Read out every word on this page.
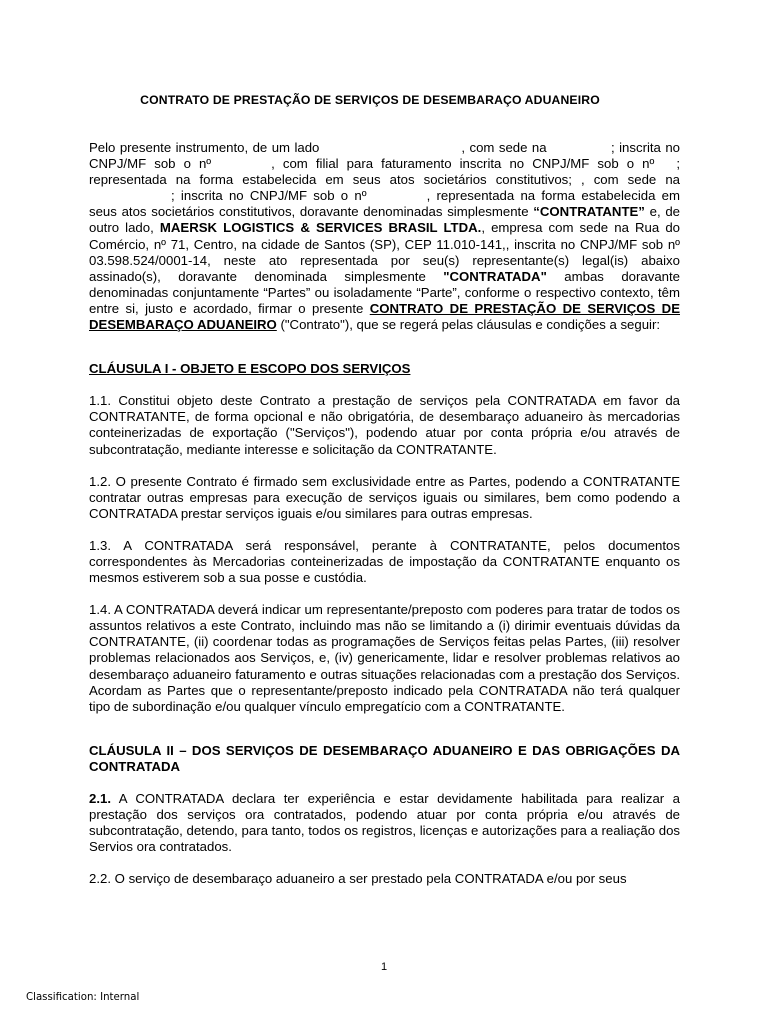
CONTRATO DE PRESTAÇÃO DE SERVIÇOS DE DESEMBARAÇO ADUANEIRO

Pelo presente instrumento, de um lado	, com sede na	; inscrita no CNPJ/MF sob o nº	, com filial para faturamento inscrita no CNPJ/MF sob o nº ; representada na forma estabelecida em seus atos societários constitutivos; , com sede na; inscrita no CNPJ/MF sob o nº	, representada na forma estabelecida em seus atos societários constitutivos, doravante denominadas simplesmente “CONTRATANTE” e, de outro lado, MAERSK LOGISTICS & SERVICES BRASIL LTDA., empresa com sede na Rua do Comércio, nº 71, Centro, na cidade de Santos (SP), CEP 11.010-141,, inscrita no CNPJ/MF sob nº 03.598.524/0001-14, neste ato representada por seu(s) representante(s) legal(is) abaixo assinado(s), doravante denominada simplesmente "CONTRATADA" ambas doravante denominadas conjuntamente “Partes” ou isoladamente “Parte”, conforme o respectivo contexto, têm entre si, justo e acordado, firmar o presente CONTRATO DE PRESTAÇÃO DE SERVIÇOS DE DESEMBARAÇO ADUANEIRO ("Contrato"), que se regerá pelas cláusulas e condições a seguir:

CLÁUSULA I - OBJETO E ESCOPO DOS SERVIÇOS

1.1. Constitui objeto deste Contrato a prestação de serviços pela CONTRATADA em favor da CONTRATANTE, de forma opcional e não obrigatória, de desembaraço aduaneiro às mercadorias conteinerizadas de exportação ("Serviços"), podendo atuar por conta própria e/ou através de subcontratação, mediante interesse e solicitação da CONTRATANTE.

1.2. O presente Contrato é firmado sem exclusividade entre as Partes, podendo a CONTRATANTE contratar outras empresas para execução de serviços iguais ou similares, bem como podendo a CONTRATADA prestar serviços iguais e/ou similares para outras empresas.

1.3. A CONTRATADA será responsável, perante à CONTRATANTE, pelos documentos correspondentes às Mercadorias conteinerizadas de impostação da CONTRATANTE enquanto os mesmos estiverem sob a sua posse e custódia.

1.4. A CONTRATADA deverá indicar um representante/preposto com poderes para tratar de todos os assuntos relativos a este Contrato, incluindo mas não se limitando a (i) dirimir eventuais dúvidas da CONTRATANTE, (ii) coordenar todas as programações de Serviços feitas pelas Partes, (iii) resolver problemas relacionados aos Serviços, e, (iv) genericamente, lidar e resolver problemas relativos ao desembaraço aduaneiro faturamento e outras situações relacionadas com a prestação dos Serviços. Acordam as Partes que o representante/preposto indicado pela CONTRATADA não terá qualquer tipo de subordinação e/ou qualquer vínculo empregatício com a CONTRATANTE.

CLÁUSULA II – DOS SERVIÇOS DE DESEMBARAÇO ADUANEIRO E DAS OBRIGAÇÕES DA CONTRATADA

2.1. A CONTRATADA declara ter experiência e estar devidamente habilitada para realizar a prestação dos serviços ora contratados, podendo atuar por conta própria e/ou através de subcontratação, detendo, para tanto, todos os registros, licenças e autorizações para a realiação dos Servios ora contratados.

2.2. O serviço de desembaraço aduaneiro a ser prestado pela CONTRATADA e/ou por seus

1
Classification: Internal
